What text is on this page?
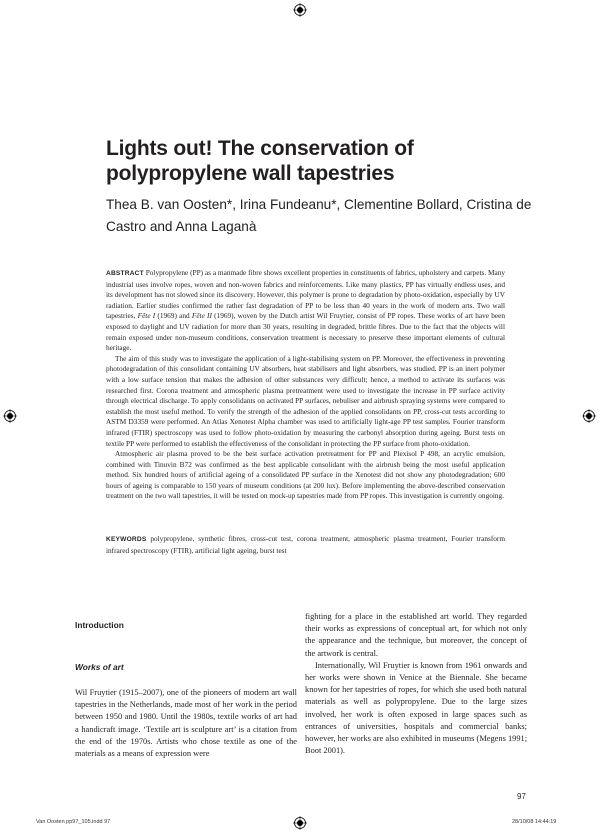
Lights out! The conservation of polypropylene wall tapestries
Thea B. van Oosten*, Irina Fundeanu*, Clementine Bollard, Cristina de Castro and Anna Laganà

ABSTRACT Polypropylene (PP) as a manmade fibre shows excellent properties in constituents of fabrics, upholstery and carpets. Many industrial uses involve ropes, woven and non-woven fabrics and reinforcements. Like many plastics, PP has virtually endless uses, and its development has not slowed since its discovery. However, this polymer is prone to degradation by photo-oxidation, especially by UV radiation. Earlier studies confirmed the rather fast degradation of PP to be less than 40 years in the work of modern arts. Two wall tapestries, Fête I (1969) and Fête II (1969), woven by the Dutch artist Wil Fruytier, consist of PP ropes. These works of art have been exposed to daylight and UV radiation for more than 30 years, resulting in degraded, brittle fibres. Due to the fact that the objects will remain exposed under non-museum conditions, conservation treatment is necessary to preserve these important elements of cultural heritage.

The aim of this study was to investigate the application of a light-stabilising system on PP. Moreover, the effectiveness in preventing photodegradation of this consolidant containing UV absorbers, heat stabilisers and light absorbers, was studied. PP is an inert polymer with a low surface tension that makes the adhesion of other substances very difficult; hence, a method to activate its surfaces was researched first. Corona treatment and atmospheric plasma pretreatment were used to investigate the increase in PP surface activity through electrical discharge. To apply consolidants on activated PP surfaces, nebuliser and airbrush spraying systems were compared to establish the most useful method. To verify the strength of the adhesion of the applied consolidants on PP, cross-cut tests according to ASTM D3359 were performed. An Atlas Xenotest Alpha chamber was used to artificially light-age PP test samples. Fourier transform infrared (FTIR) spectroscopy was used to follow photo-oxidation by measuring the carbonyl absorption during ageing. Burst tests on textile PP were performed to establish the effectiveness of the consolidant in protecting the PP surface from photo-oxidation.

Atmospheric air plasma proved to be the best surface activation pretreatment for PP and Plexisol P 498, an acrylic emulsion, combined with Tinuvin B72 was confirmed as the best applicable consolidant with the airbrush being the most useful application method. Six hundred hours of artificial ageing of a consolidated PP surface in the Xenotest did not show any photodegradation; 600 hours of ageing is comparable to 150 years of museum conditions (at 200 lux). Before implementing the above-described conservation treatment on the two wall tapestries, it will be tested on mock-up tapestries made from PP ropes. This investigation is currently ongoing.

KEYWORDS polypropylene, synthetic fibres, cross-cut test, corona treatment, atmospheric plasma treatment, Fourier transform infrared spectroscopy (FTIR), artificial light ageing, burst test
Introduction
Works of art

Wil Fruytier (1915–2007), one of the pioneers of modern art wall tapestries in the Netherlands, made most of her work in the period between 1950 and 1980. Until the 1980s, textile works of art had a handicraft image. ‘Textile art is sculpture art’ is a citation from the end of the 1970s. Artists who chose textile as one of the materials as a means of expression were

fighting for a place in the established art world. They regarded their works as expressions of conceptual art, for which not only the appearance and the technique, but moreover, the concept of the artwork is central.

Internationally, Wil Fruytier is known from 1961 onwards and her works were shown in Venice at the Biennale. She became known for her tapestries of ropes, for which she used both natural materials as well as polypropylene. Due to the large sizes involved, her work is often exposed in large spaces such as entrances of universities, hospitals and commercial banks; however, her works are also exhibited in museums (Megens 1991; Boot 2001).

97
Van Oosten pp97_105.indd 97	28/10/08 14:44:19
